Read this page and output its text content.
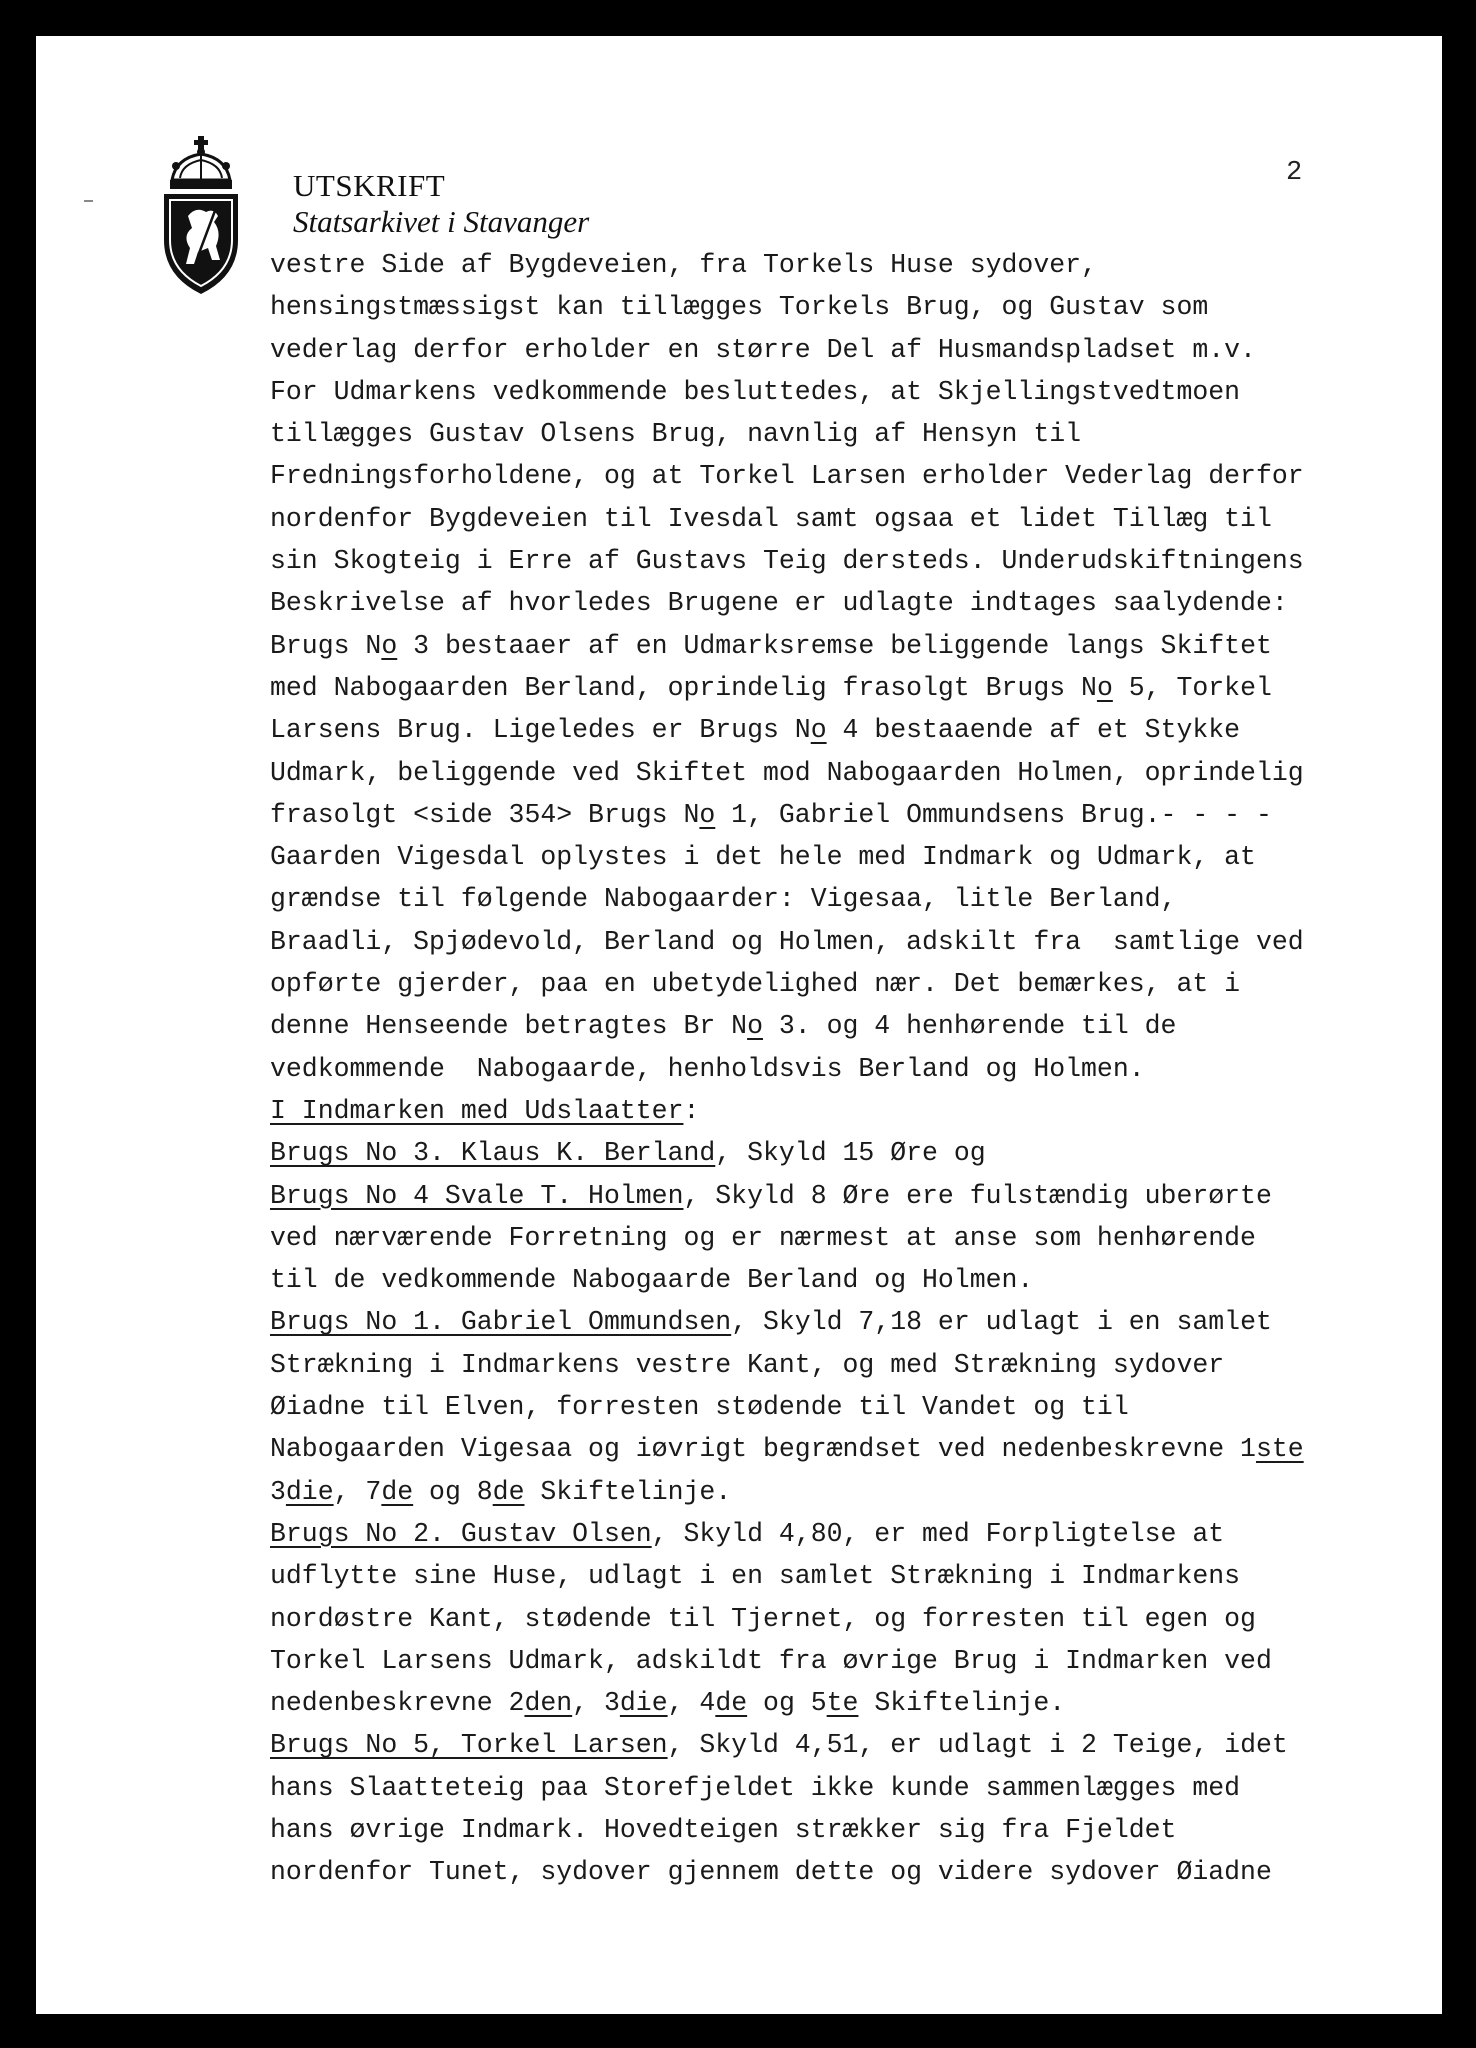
UTSKRIFT
Statsarkivet i Stavanger
2
vestre Side af Bygdeveien, fra Torkels Huse sydover,
hensingstmæssigst kan tillægges Torkels Brug, og Gustav som
vederlag derfor erholder en større Del af Husmandspladset m.v.
For Udmarkens vedkommende besluttedes, at Skjellingstvedtmoen
tillægges Gustav Olsens Brug, navnlig af Hensyn til
Fredningsforholdene, og at Torkel Larsen erholder Vederlag derfor
nordenfor Bygdeveien til Ivesdal samt ogsaa et lidet Tillæg til
sin Skogteig i Erre af Gustavs Teig dersteds. Underudskiftningens
Beskrivelse af hvorledes Brugene er udlagte indtages saalydende:
Brugs No 3 bestaaer af en Udmarksremse beliggende langs Skiftet
med Nabogaarden Berland, oprindelig frasolgt Brugs No 5, Torkel
Larsens Brug. Ligeledes er Brugs No 4 bestaaende af et Stykke
Udmark, beliggende ved Skiftet mod Nabogaarden Holmen, oprindelig
frasolgt <side 354> Brugs No 1, Gabriel Ommundsens Brug.- - - -
Gaarden Vigesdal oplystes i det hele med Indmark og Udmark, at
grændse til følgende Nabogaarder: Vigesaa, litle Berland,
Braadli, Spjødevold, Berland og Holmen, adskilt fra  samtlige ved
opførte gjerder, paa en ubetydelighed nær. Det bemærkes, at i
denne Henseende betragtes Br No 3. og 4 henhørende til de
vedkommende  Nabogaarde, henholdsvis Berland og Holmen.
I Indmarken med Udslaatter:
Brugs No 3. Klaus K. Berland, Skyld 15 Øre og
Brugs No 4 Svale T. Holmen, Skyld 8 Øre ere fulstændig uberørte
ved nærværende Forretning og er nærmest at anse som henhørende
til de vedkommende Nabogaarde Berland og Holmen.
Brugs No 1. Gabriel Ommundsen, Skyld 7,18 er udlagt i en samlet
Strækning i Indmarkens vestre Kant, og med Strækning sydover
Øiadne til Elven, forresten stødende til Vandet og til
Nabogaarden Vigesaa og iøvrigt begrændset ved nedenbeskrevne 1ste
3die, 7de og 8de Skiftelinje.
Brugs No 2. Gustav Olsen, Skyld 4,80, er med Forpligtelse at
udflytte sine Huse, udlagt i en samlet Strækning i Indmarkens
nordøstre Kant, stødende til Tjernet, og forresten til egen og
Torkel Larsens Udmark, adskildt fra øvrige Brug i Indmarken ved
nedenbeskrevne 2den, 3die, 4de og 5te Skiftelinje.
Brugs No 5, Torkel Larsen, Skyld 4,51, er udlagt i 2 Teige, idet
hans Slaatteteig paa Storefjeldet ikke kunde sammenlægges med
hans øvrige Indmark. Hovedteigen strækker sig fra Fjeldet
nordenfor Tunet, sydover gjennem dette og videre sydover Øiadne
